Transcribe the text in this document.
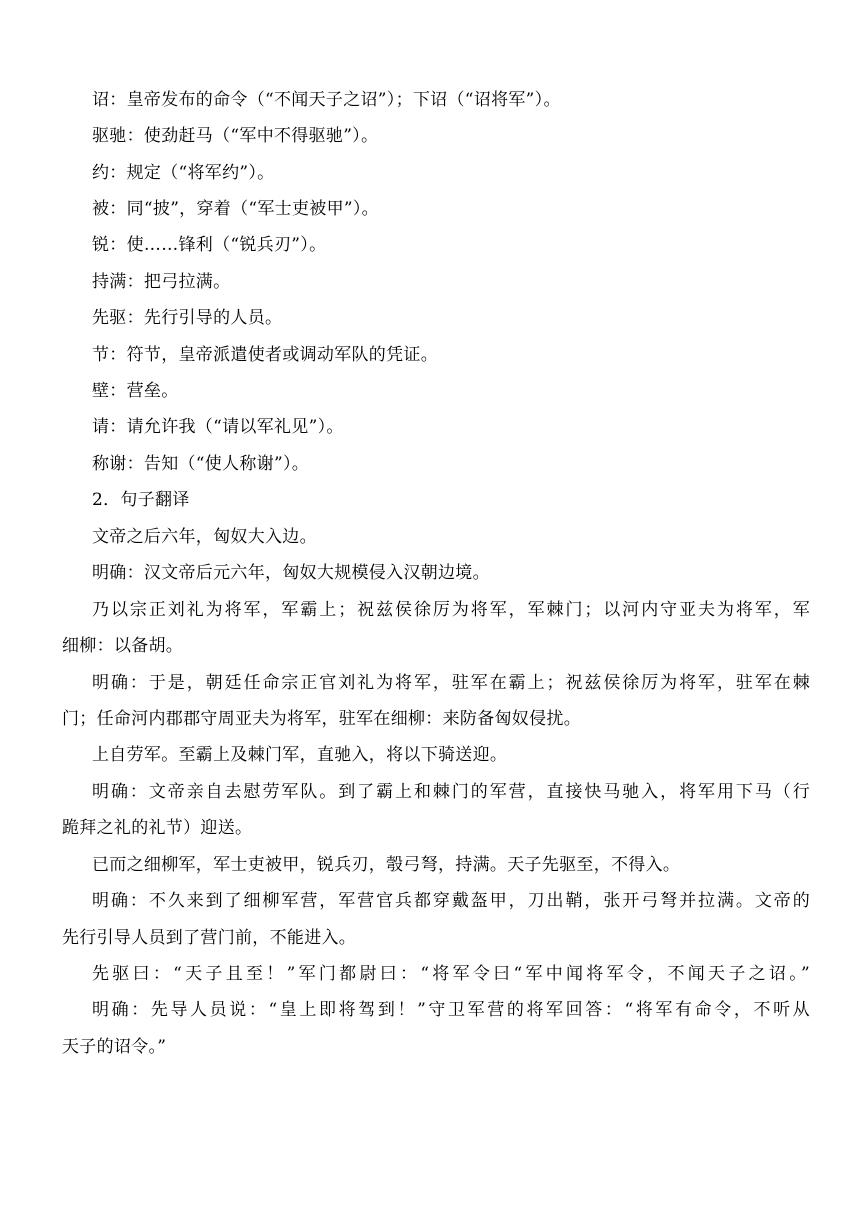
诏：皇帝发布的命令（“不闻天子之诏”）；下诏（“诏将军”）。
驱驰：使劲赶马（“军中不得驱驰”）。
约：规定（“将军约”）。
被：同“披”，穿着（“军士吏被甲”）。
锐：使……锋利（“锐兵刃”）。
持满：把弓拉满。
先驱：先行引导的人员。
节：符节，皇帝派遣使者或调动军队的凭证。
壁：营垒。
请：请允许我（“请以军礼见”）。
称谢：告知（“使人称谢”）。
2．句子翻译
文帝之后六年，匈奴大入边。
明确：汉文帝后元六年，匈奴大规模侵入汉朝边境。
乃以宗正刘礼为将军，军霸上；祝兹侯徐厉为将军，军棘门；以河内守亚夫为将军，军
细柳：以备胡。
明确：于是，朝廷任命宗正官刘礼为将军，驻军在霸上；祝兹侯徐厉为将军，驻军在棘
门；任命河内郡郡守周亚夫为将军，驻军在细柳：来防备匈奴侵扰。
上自劳军。至霸上及棘门军，直驰入，将以下骑送迎。
明确：文帝亲自去慰劳军队。到了霸上和棘门的军营，直接快马驰入，将军用下马（行
跪拜之礼的礼节）迎送。
已而之细柳军，军士吏被甲，锐兵刃，彀弓弩，持满。天子先驱至，不得入。
明确：不久来到了细柳军营，军营官兵都穿戴盔甲，刀出鞘，张开弓弩并拉满。文帝的
先行引导人员到了营门前，不能进入。
先驱曰：“天子且至！”军门都尉曰：“将军令曰“军中闻将军令，不闻天子之诏。”
明确：先导人员说：“皇上即将驾到！”守卫军营的将军回答：“将军有命令，不听从
天子的诏令。”
